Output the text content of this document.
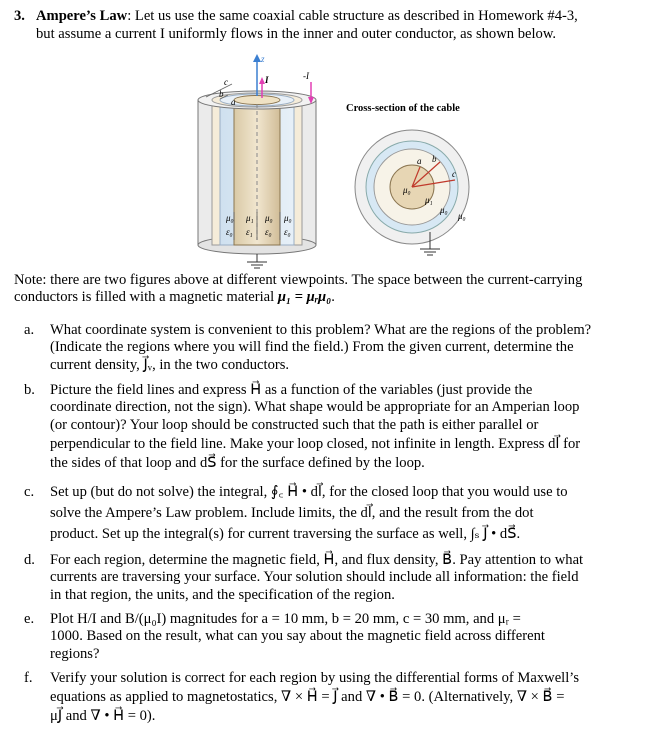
3. Ampere’s Law: Let us use the same coaxial cable structure as described in Homework #4-3,
but assume a current I uniformly flows in the inner and outer conductor, as shown below.
z
I	-I
c
b
a
μ₀ μ₁ μ₀ μ₀
ε₀ ε₁ ε₀ ε₀
Cross-section of the cable
a b
c
μ₀
μ₁
μ₀
μ₀
Note: there are two figures above at different viewpoints. The space between the current-carrying
conductors is filled with a magnetic material μ₁ = μᵣμ₀.
a. What coordinate system is convenient to this problem? What are the regions of the problem?
(Indicate the regions where you will find the field.) From the given current, determine the
current density, J⃗ᵥ, in the two conductors.
b. Picture the field lines and express H⃗ as a function of the variables (just provide the
coordinate direction, not the sign). What shape would be appropriate for an Amperian loop
(or contour)? Your loop should be constructed such that the path is either parallel or
perpendicular to the field line. Make your loop closed, not infinite in length. Express dl⃗ for
the sides of that loop and dS⃗ for the surface defined by the loop.
c. Set up (but do not solve) the integral, ∮꜀ H⃗ • dl⃗, for the closed loop that you would use to
solve the Ampere’s Law problem. Include limits, the dl⃗, and the result from the dot
product. Set up the integral(s) for current traversing the surface as well, ∫ₛ J⃗ • dS⃗.
d. For each region, determine the magnetic field, H⃗, and flux density, B⃗. Pay attention to what
currents are traversing your surface. Your solution should include all information: the field
in that region, the units, and the specification of the region.
e. Plot H/I and B/(μ₀I) magnitudes for a = 10 mm, b = 20 mm, c = 30 mm, and μᵣ =
1000. Based on the result, what can you say about the magnetic field across different
regions?
f. Verify your solution is correct for each region by using the differential forms of Maxwell’s
equations as applied to magnetostatics, ∇ × H⃗ = J⃗ and ∇ • B⃗ = 0. (Alternatively, ∇ × B⃗ =
μJ⃗ and ∇ • H⃗ = 0).
